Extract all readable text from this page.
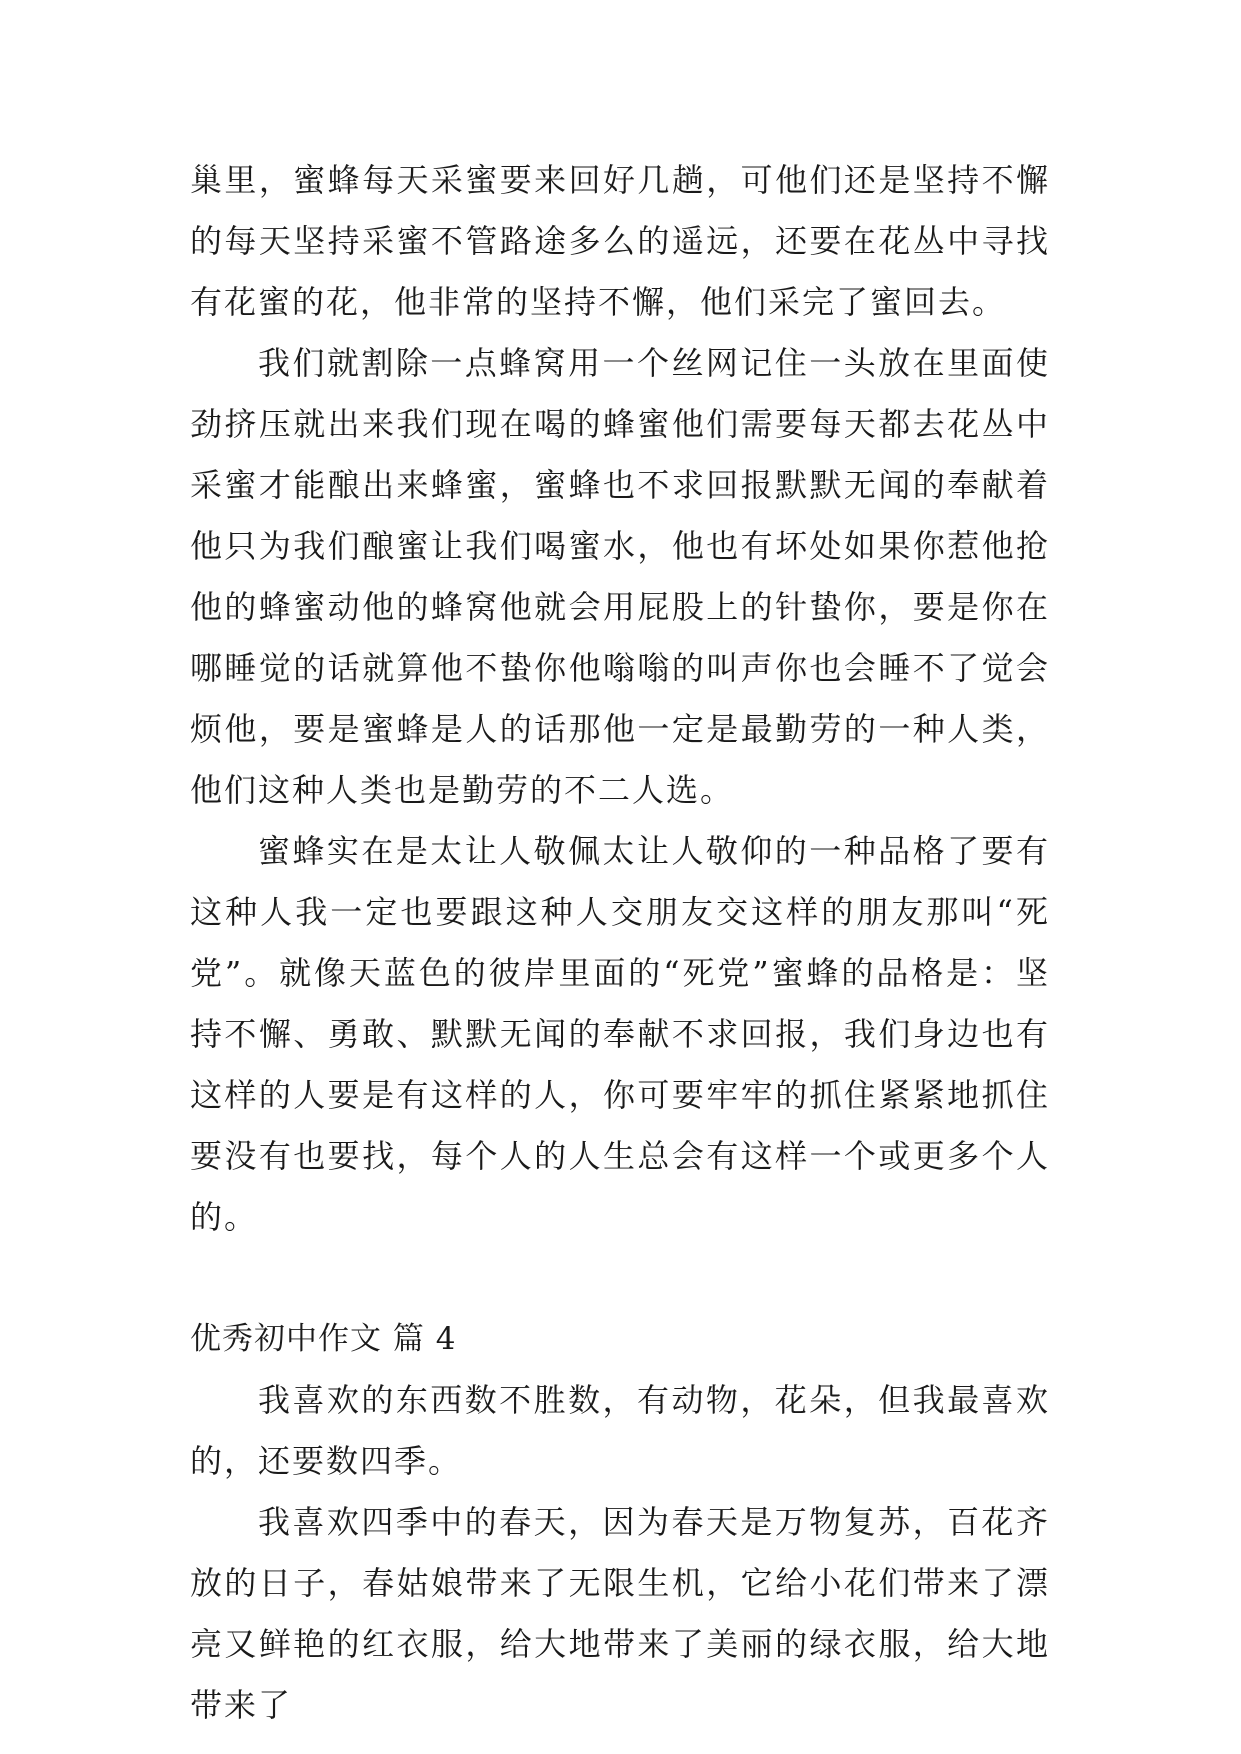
巢里，蜜蜂每天采蜜要来回好几趟，可他们还是坚持不懈的每天坚持采蜜不管路途多么的遥远，还要在花丛中寻找有花蜜的花，他非常的坚持不懈，他们采完了蜜回去。

我们就割除一点蜂窝用一个丝网记住一头放在里面使劲挤压就出来我们现在喝的蜂蜜他们需要每天都去花丛中采蜜才能酿出来蜂蜜，蜜蜂也不求回报默默无闻的奉献着他只为我们酿蜜让我们喝蜜水，他也有坏处如果你惹他抢他的蜂蜜动他的蜂窝他就会用屁股上的针蛰你，要是你在哪睡觉的话就算他不蛰你他嗡嗡的叫声你也会睡不了觉会烦他，要是蜜蜂是人的话那他一定是最勤劳的一种人类，他们这种人类也是勤劳的不二人选。

蜜蜂实在是太让人敬佩太让人敬仰的一种品格了要有这种人我一定也要跟这种人交朋友交这样的朋友那叫“死党”。就像天蓝色的彼岸里面的“死党”蜜蜂的品格是：坚持不懈、勇敢、默默无闻的奉献不求回报，我们身边也有这样的人要是有这样的人，你可要牢牢的抓住紧紧地抓住要没有也要找，每个人的人生总会有这样一个或更多个人的。

优秀初中作文 篇 4

我喜欢的东西数不胜数，有动物，花朵，但我最喜欢的，还要数四季。

我喜欢四季中的春天，因为春天是万物复苏，百花齐放的日子，春姑娘带来了无限生机，它给小花们带来了漂亮又鲜艳的红衣服，给大地带来了美丽的绿衣服，给大地带来了
